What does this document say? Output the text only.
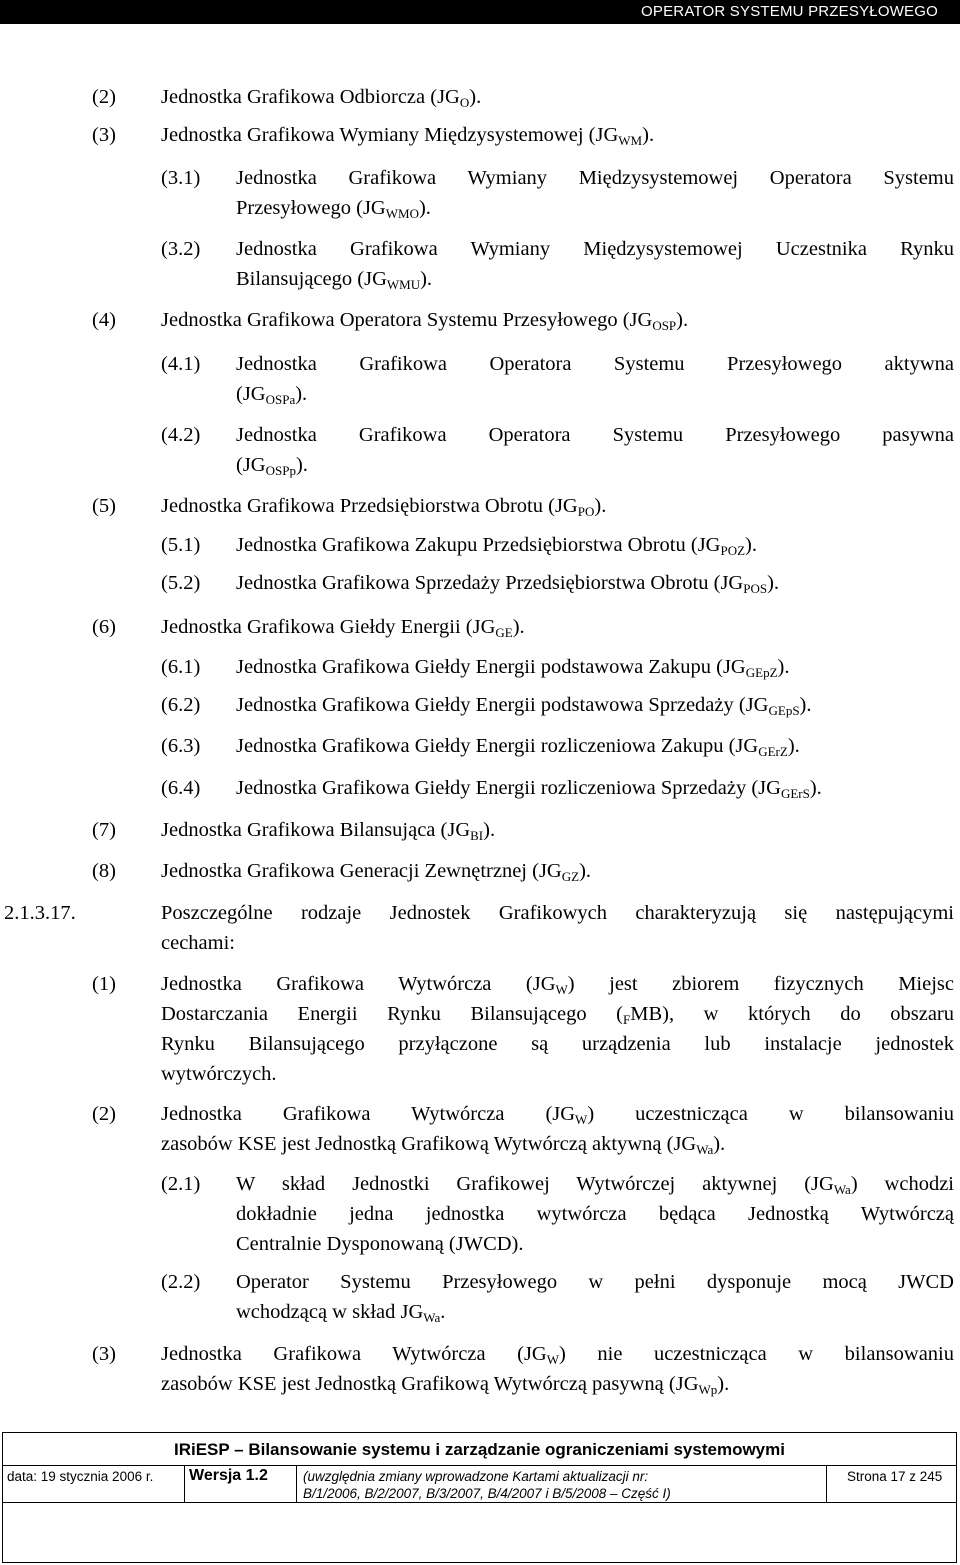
OPERATOR SYSTEMU PRZESYŁOWEGO
(2) Jednostka Grafikowa Odbiorcza $(JG_O)$.
(3) Jednostka Grafikowa Wymiany Międzysystemowej $(JG_{WM})$.
(3.1) Jednostka Grafikowa Wymiany Międzysystemowej Operatora Systemu
Przesyłowego $(JG_{WMO})$.
(3.2) Jednostka Grafikowa Wymiany Międzysystemowej Uczestnika Rynku
Bilansującego $(JG_{WMU})$.
(4) Jednostka Grafikowa Operatora Systemu Przesyłowego $(JG_{OSP})$.
(4.1) Jednostka Grafikowa Operatora Systemu Przesyłowego aktywna
$(JG_{OSPa})$.
(4.2) Jednostka Grafikowa Operatora Systemu Przesyłowego pasywna
$(JG_{OSPp})$.
(5) Jednostka Grafikowa Przedsiębiorstwa Obrotu $(JG_{PO})$.
(5.1) Jednostka Grafikowa Zakupu Przedsiębiorstwa Obrotu $(JG_{POZ})$.
(5.2) Jednostka Grafikowa Sprzedaży Przedsiębiorstwa Obrotu $(JG_{POS})$.
(6) Jednostka Grafikowa Giełdy Energii $(JG_{GE})$.
(6.1) Jednostka Grafikowa Giełdy Energii podstawowa Zakupu $(JG_{GEpZ})$.
(6.2) Jednostka Grafikowa Giełdy Energii podstawowa Sprzedaży $(JG_{GEpS})$.
(6.3) Jednostka Grafikowa Giełdy Energii rozliczeniowa Zakupu $(JG_{GErZ})$.
(6.4) Jednostka Grafikowa Giełdy Energii rozliczeniowa Sprzedaży $(JG_{GErS})$.
(7) Jednostka Grafikowa Bilansująca $(JG_{BI})$.
(8) Jednostka Grafikowa Generacji Zewnętrznej $(JG_{GZ})$.
2.1.3.17.	Poszczególne rodzaje Jednostek Grafikowych charakteryzują się następującymi
cechami:
(1) Jednostka Grafikowa Wytwórcza $(JG_W)$ jest zbiorem fizycznych Miejsc
Dostarczania Energii Rynku Bilansującego $(_FMB)$, w których do obszaru
Rynku Bilansującego przyłączone są urządzenia lub instalacje jednostek
wytwórczych.
(2) Jednostka Grafikowa Wytwórcza $(JG_W)$ uczestnicząca w bilansowaniu
zasobów KSE jest Jednostką Grafikową Wytwórczą aktywną $(JG_{Wa})$.
(2.1) W skład Jednostki Grafikowej Wytwórczej aktywnej $(JG_{Wa})$ wchodzi
dokładnie jedna jednostka wytwórcza będąca Jednostką Wytwórczą
Centralnie Dysponowaną (JWCD).
(2.2) Operator Systemu Przesyłowego w pełni dysponuje mocą JWCD
wchodzącą w skład $JG_{Wa}$.
(3) Jednostka Grafikowa Wytwórcza $(JG_W)$ nie uczestnicząca w bilansowaniu
zasobów KSE jest Jednostką Grafikową Wytwórczą pasywną $(JG_{Wp})$.
IRiESP – Bilansowanie systemu i zarządzanie ograniczeniami systemowymi
data: 19 stycznia 2006 r.	Wersja 1.2	(uwzględnia zmiany wprowadzone Kartami aktualizacji nr:
B/1/2006, B/2/2007, B/3/2007, B/4/2007 i B/5/2008 – Część I)
Strona 17 z 245
